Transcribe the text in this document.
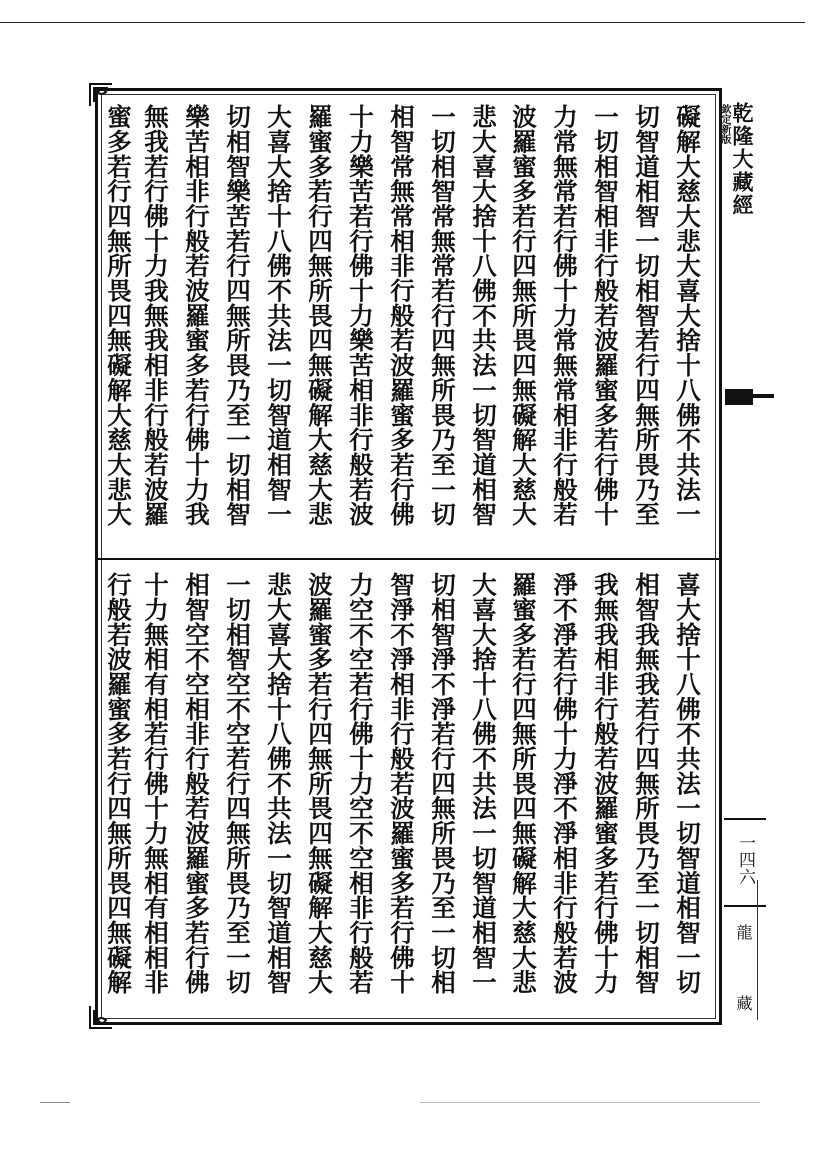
礙解大慈大悲大喜大捨十八佛不共法一
切智道相智一切相智若行四無所畏乃至
一切相智相非行般若波羅蜜多若行佛十
力常無常若行佛十力常無常相非行般若
波羅蜜多若行四無所畏四無礙解大慈大
悲大喜大捨十八佛不共法一切智道相智
一切相智常無常若行四無所畏乃至一切
相智常無常相非行般若波羅蜜多若行佛
十力樂苦若行佛十力樂苦相非行般若波
羅蜜多若行四無所畏四無礙解大慈大悲
大喜大捨十八佛不共法一切智道相智一
切相智樂苦若行四無所畏乃至一切相智
樂苦相非行般若波羅蜜多若行佛十力我
無我若行佛十力我無我相非行般若波羅
蜜多若行四無所畏四無礙解大慈大悲大
喜大捨十八佛不共法一切智道相智一切
相智我無我若行四無所畏乃至一切相智
我無我相非行般若波羅蜜多若行佛十力
淨不淨若行佛十力淨不淨相非行般若波
羅蜜多若行四無所畏四無礙解大慈大悲
大喜大捨十八佛不共法一切智道相智一
切相智淨不淨若行四無所畏乃至一切相
智淨不淨相非行般若波羅蜜多若行佛十
力空不空若行佛十力空不空相非行般若
波羅蜜多若行四無所畏四無礙解大慈大
悲大喜大捨十八佛不共法一切智道相智
一切相智空不空若行四無所畏乃至一切
相智空不空相非行般若波羅蜜多若行佛
十力無相有相若行佛十力無相有相相非
行般若波羅蜜多若行四無所畏四無礙解
欽定新版 乾隆大藏經
一四六
龍 藏
